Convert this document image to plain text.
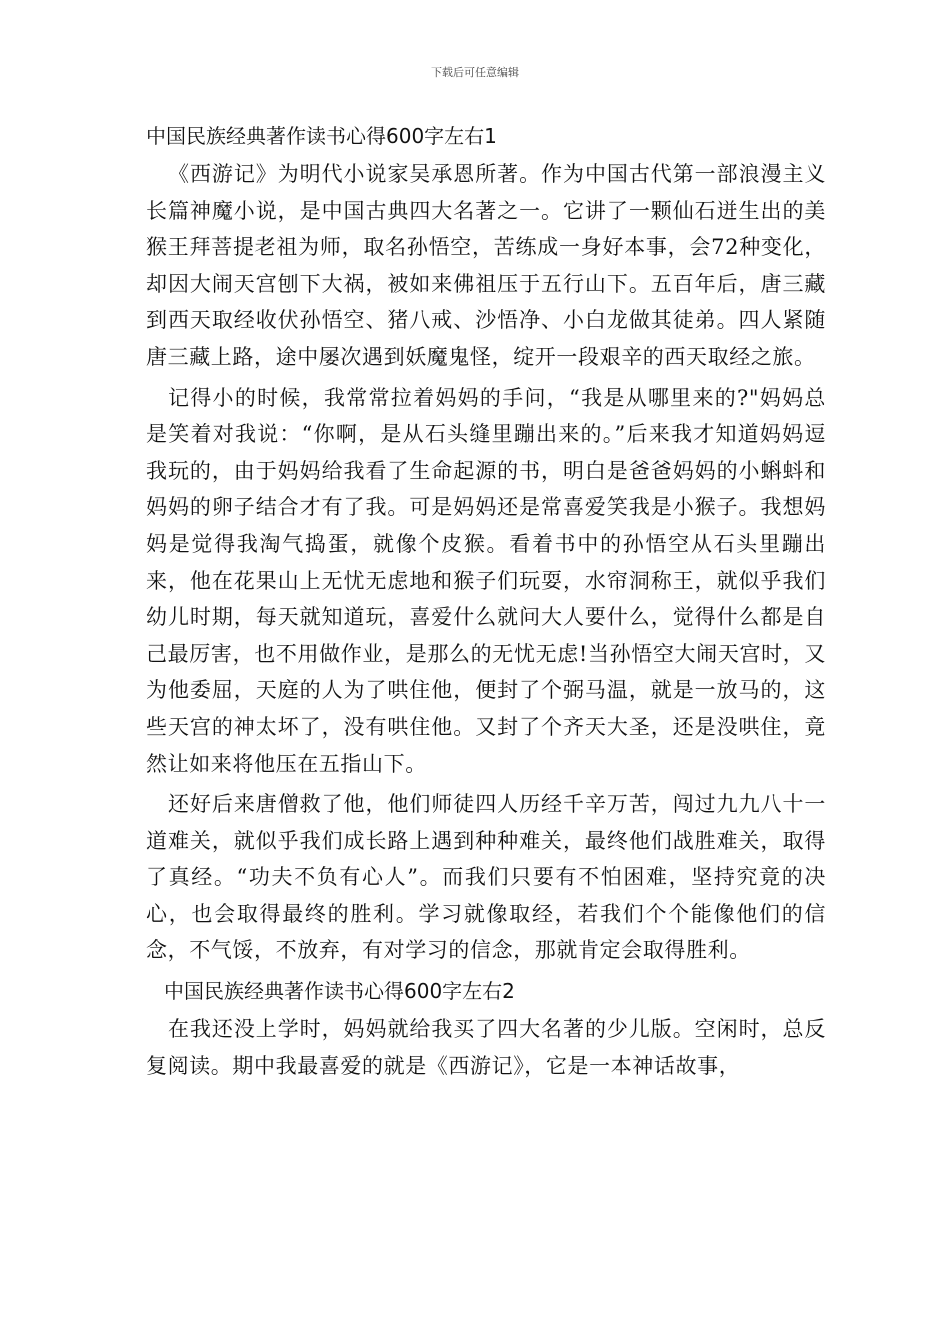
下载后可任意编辑
中国民族经典著作读书心得600字左右1

《西游记》为明代小说家吴承恩所著。作为中国古代第一部浪漫主义长篇神魔小说，是中国古典四大名著之一。它讲了一颗仙石迸生出的美猴王拜菩提老祖为师，取名孙悟空，苦练成一身好本事，会72种变化，却因大闹天宫刨下大祸，被如来佛祖压于五行山下。五百年后，唐三藏到西天取经收伏孙悟空、猪八戒、沙悟净、小白龙做其徒弟。四人紧随唐三藏上路，途中屡次遇到妖魔鬼怪，绽开一段艰辛的西天取经之旅。

记得小的时候，我常常拉着妈妈的手问，“我是从哪里来的?"妈妈总是笑着对我说：“你啊，是从石头缝里蹦出来的。”后来我才知道妈妈逗我玩的，由于妈妈给我看了生命起源的书，明白是爸爸妈妈的小蝌蚪和妈妈的卵子结合才有了我。可是妈妈还是常喜爱笑我是小猴子。我想妈妈是觉得我淘气捣蛋，就像个皮猴。看着书中的孙悟空从石头里蹦出来，他在花果山上无忧无虑地和猴子们玩耍，水帘洞称王，就似乎我们幼儿时期，每天就知道玩，喜爱什么就问大人要什么，觉得什么都是自己最厉害，也不用做作业，是那么的无忧无虑!当孙悟空大闹天宫时，又为他委屈，天庭的人为了哄住他，便封了个弼马温，就是一放马的，这些天宫的神太坏了，没有哄住他。又封了个齐天大圣，还是没哄住，竟然让如来将他压在五指山下。

还好后来唐僧救了他，他们师徒四人历经千辛万苦，闯过九九八十一道难关，就似乎我们成长路上遇到种种难关，最终他们战胜难关，取得了真经。“功夫不负有心人”。而我们只要有不怕困难，坚持究竟的决心，也会取得最终的胜利。学习就像取经，若我们个个能像他们的信念，不气馁，不放弃，有对学习的信念，那就肯定会取得胜利。

中国民族经典著作读书心得600字左右2

在我还没上学时，妈妈就给我买了四大名著的少儿版。空闲时，总反复阅读。期中我最喜爱的就是《西游记》，它是一本神话故事，
